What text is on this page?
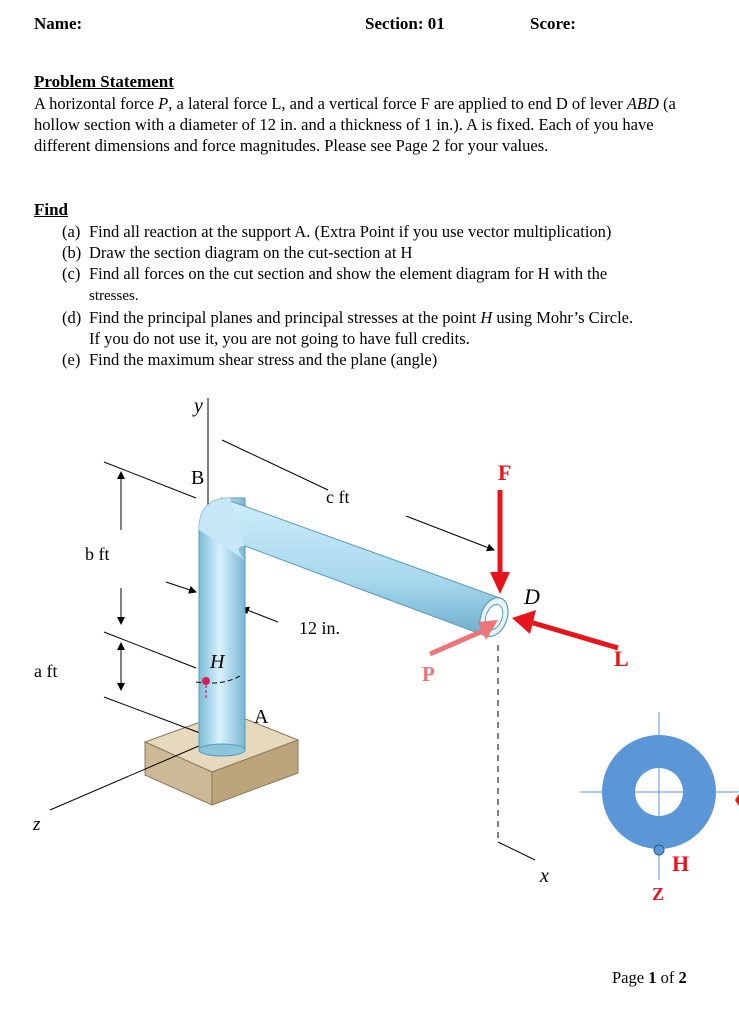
Name:	Section: 01	Score:
Problem Statement
A horizontal force P, a lateral force L, and a vertical force F are applied to end D of lever ABD (a hollow section with a diameter of 12 in. and a thickness of 1 in.). A is fixed. Each of you have different dimensions and force magnitudes. Please see Page 2 for your values.
Find
(a) Find all reaction at the support A. (Extra Point if you use vector multiplication)
(b) Draw the section diagram on the cut-section at H
(c) Find all forces on the cut section and show the element diagram for H with the
stresses.
(d) Find the principal planes and principal stresses at the point H using Mohr’s Circle.
If you do not use it, you are not going to have full credits.
(e) Find the maximum shear stress and the plane (angle)
y
x
z
B
H
A
D
c ft
b ft
a ft
12 in.
F
P
L
H
Z
Page 1 of 2
